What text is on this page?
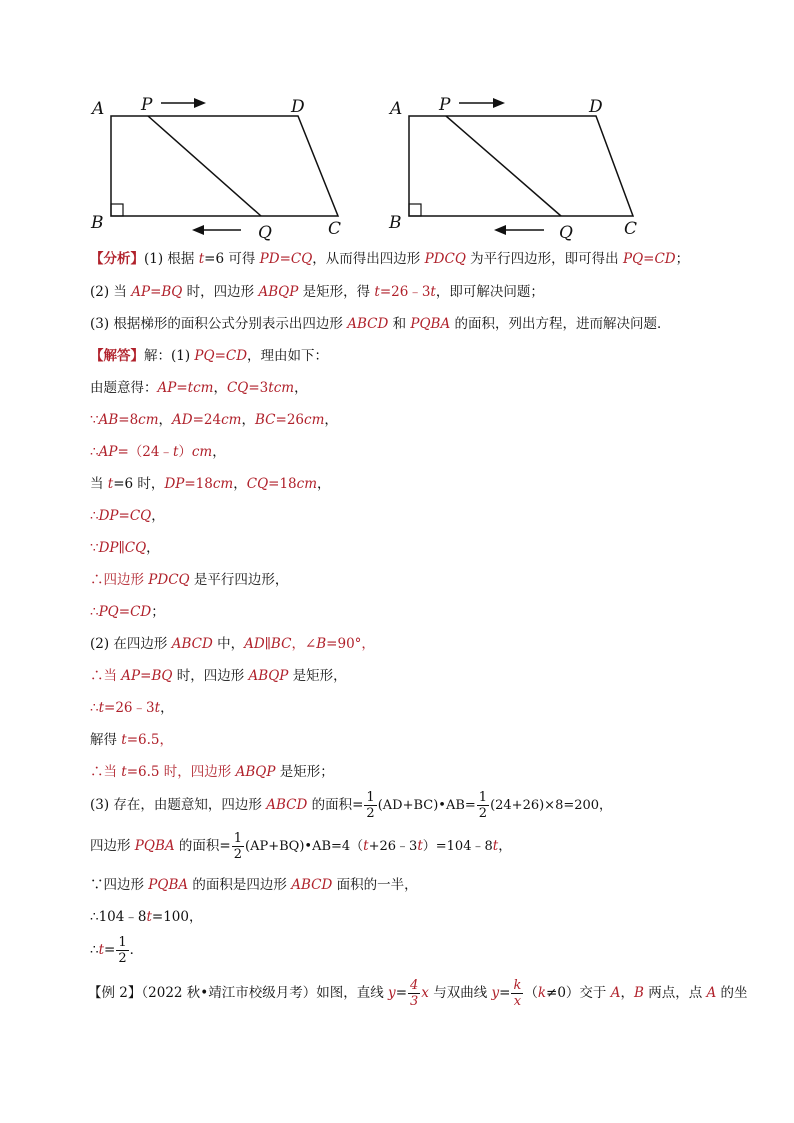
A P	D
B	Q	C
A P	D
B	Q	C
【分析】(1) 根据 t=6 可得 PD=CQ，从而得出四边形 PDCQ 为平行四边形，即可得出 PQ=CD；
(2) 当 AP=BQ 时，四边形 ABQP 是矩形，得 t=26﹣3t，即可解决问题；
(3) 根据梯形的面积公式分别表示出四边形 ABCD 和 PQBA 的面积，列出方程，进而解决问题．
【解答】解：(1) PQ=CD，理由如下：
由题意得：AP=tcm，CQ=3tcm，
∵AB=8cm，AD=24cm，BC=26cm，
∴AP=（24﹣t）cm，
当 t=6 时，DP=18cm，CQ=18cm，
∴DP=CQ，
∵DP∥CQ，
∴四边形 PDCQ 是平行四边形，
∴PQ=CD；
(2) 在四边形 ABCD 中，AD∥BC，∠B=90°，
∴当 AP=BQ 时，四边形 ABQP 是矩形，
∴t=26﹣3t，
解得 t=6.5，
∴当 t=6.5 时，四边形 ABQP 是矩形；
(3) 存在，由题意知，四边形 ABCD 的面积= $\frac{1}{2}$ (AD+BC)•AB= $\frac{1}{2} (24+26)\times 8=200$，
四边形 PQBA 的面积= $\frac{1}{2}$ (AP+BQ)•AB=4（t+26﹣3t）=104﹣8t，
∵四边形 PQBA 的面积是四边形 ABCD 面积的一半，
∴104﹣8t=100，
∴t= $\frac{1}{2}$ ．
【例 2】（2022 秋•靖江市校级月考）如图，直线 $y= \frac{4}{3}$ x 与双曲线 $y= \frac{k}{x} (k\ne 0)$交于 A，B 两点，点 A 的坐
